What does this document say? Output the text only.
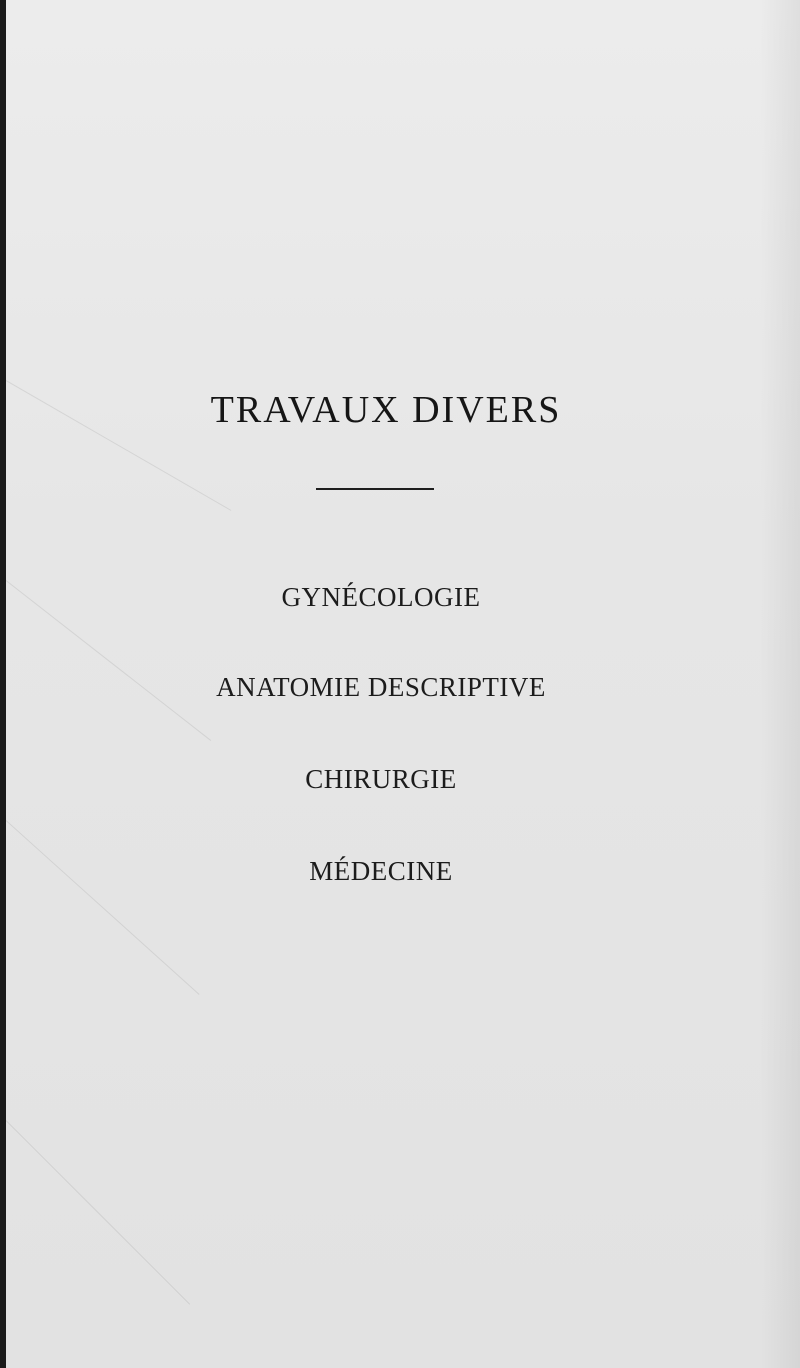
TRAVAUX DIVERS
GYNÉCOLOGIE
ANATOMIE DESCRIPTIVE
CHIRURGIE
MÉDECINE
